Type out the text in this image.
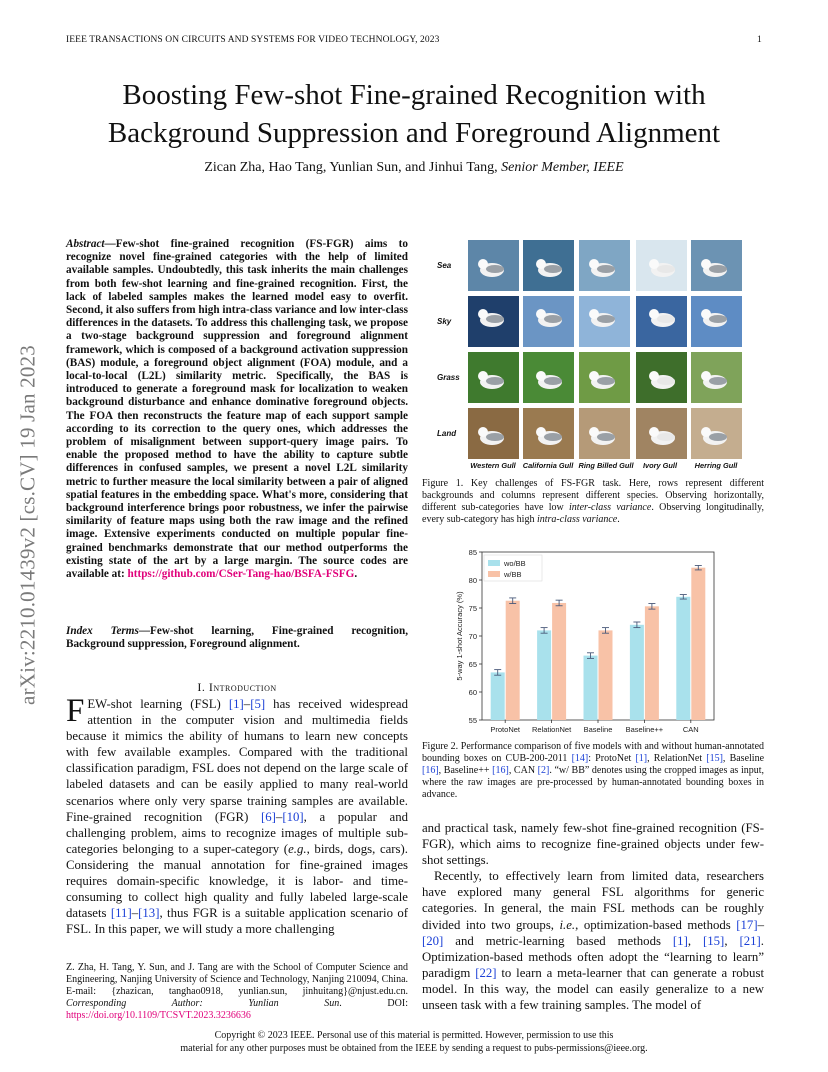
IEEE TRANSACTIONS ON CIRCUITS AND SYSTEMS FOR VIDEO TECHNOLOGY, 2023	1
Boosting Few-shot Fine-grained Recognition with
Background Suppression and Foreground Alignment
Zican Zha, Hao Tang, Yunlian Sun, and Jinhui Tang, Senior Member, IEEE
arXiv:2210.01439v2 [cs.CV] 19 Jan 2023
Abstract—Few-shot fine-grained recognition (FS-FGR) aims to recognize novel fine-grained categories with the help of limited available samples. Undoubtedly, this task inherits the main challenges from both few-shot learning and fine-grained recognition. First, the lack of labeled samples makes the learned model easy to overfit. Second, it also suffers from high intra-class variance and low inter-class differences in the datasets. To address this challenging task, we propose a two-stage background suppression and foreground alignment framework, which is composed of a background activation suppression (BAS) module, a foreground object alignment (FOA) module, and a local-to-local (L2L) similarity metric. Specifically, the BAS is introduced to generate a foreground mask for localization to weaken background disturbance and enhance dominative foreground objects. The FOA then reconstructs the feature map of each support sample according to its correction to the query ones, which addresses the problem of misalignment between support-query image pairs. To enable the proposed method to have the ability to capture subtle differences in confused samples, we present a novel L2L similarity metric to further measure the local similarity between a pair of aligned spatial features in the embedding space. What's more, considering that background interference brings poor robustness, we infer the pairwise similarity of feature maps using both the raw image and the refined image. Extensive experiments conducted on multiple popular fine-grained benchmarks demonstrate that our method outperforms the existing state of the art by a large margin. The source codes are available at: https://github.com/CSer-Tang-hao/BSFA-FSFG.
Index Terms—Few-shot learning, Fine-grained recognition, Background suppression, Foreground alignment.
I. Introduction
FEW-shot learning (FSL) [1]–[5] has received widespread attention in the computer vision and multimedia fields because it mimics the ability of humans to learn new concepts with few available examples. Compared with the traditional classification paradigm, FSL does not depend on the large scale of labeled datasets and can be easily applied to many real-world scenarios where only very sparse training samples are available. Fine-grained recognition (FGR) [6]–[10], a popular and challenging problem, aims to recognize images of multiple sub-categories belonging to a super-category (e.g., birds, dogs, cars). Considering the manual annotation for fine-grained images requires domain-specific knowledge, it is labor- and time-consuming to collect high quality and fully labeled large-scale datasets [11]–[13], thus FGR is a suitable application scenario of FSL. In this paper, we will study a more challenging
Z. Zha, H. Tang, Y. Sun, and J. Tang are with the School of Computer Science and Engineering, Nanjing University of Science and Technology, Nanjing 210094, China. E-mail: {zhazican, tanghao0918, yunlian.sun, jinhuitang}@njust.edu.cn. Corresponding Author: Yunlian Sun. DOI: https://doi.org/10.1109/TCSVT.2023.3236636
Sea
Sky
Grass
Land
Western Gull California Gull Ring Billed Gull	Ivory Gull	Herring Gull
Figure 1. Key challenges of FS-FGR task. Here, rows represent different backgrounds and columns represent different species. Observing horizontally, different sub-categories have low inter-class variance. Observing longitudinally, every sub-category has high intra-class variance.
55
60
65
70
75
80
85
5-way 1-shot Accuracy (%)
ProtoNet RelationNet Baseline Baseline++	CAN
wo/BB
w/BB
Figure 2. Performance comparison of five models with and without human-annotated bounding boxes on CUB-200-2011 [14]: ProtoNet [1], RelationNet [15], Baseline [16], Baseline++ [16], CAN [2]. “w/ BB” denotes using the cropped images as input, where the raw images are pre-processed by human-annotated bounding boxes in advance.

and practical task, namely few-shot fine-grained recognition (FS-FGR), which aims to recognize fine-grained objects under few-shot settings.

Recently, to effectively learn from limited data, researchers have explored many general FSL algorithms for generic categories. In general, the main FSL methods can be roughly divided into two groups, i.e., optimization-based methods [17]–[20] and metric-learning based methods [1], [15], [21]. Optimization-based methods often adopt the “learning to learn” paradigm [22] to learn a meta-learner that can generate a robust model. In this way, the model can easily generalize to a new unseen task with a few training samples. The model of

Copyright © 2023 IEEE. Personal use of this material is permitted. However, permission to use this
material for any other purposes must be obtained from the IEEE by sending a request to pubs-permissions@ieee.org.
